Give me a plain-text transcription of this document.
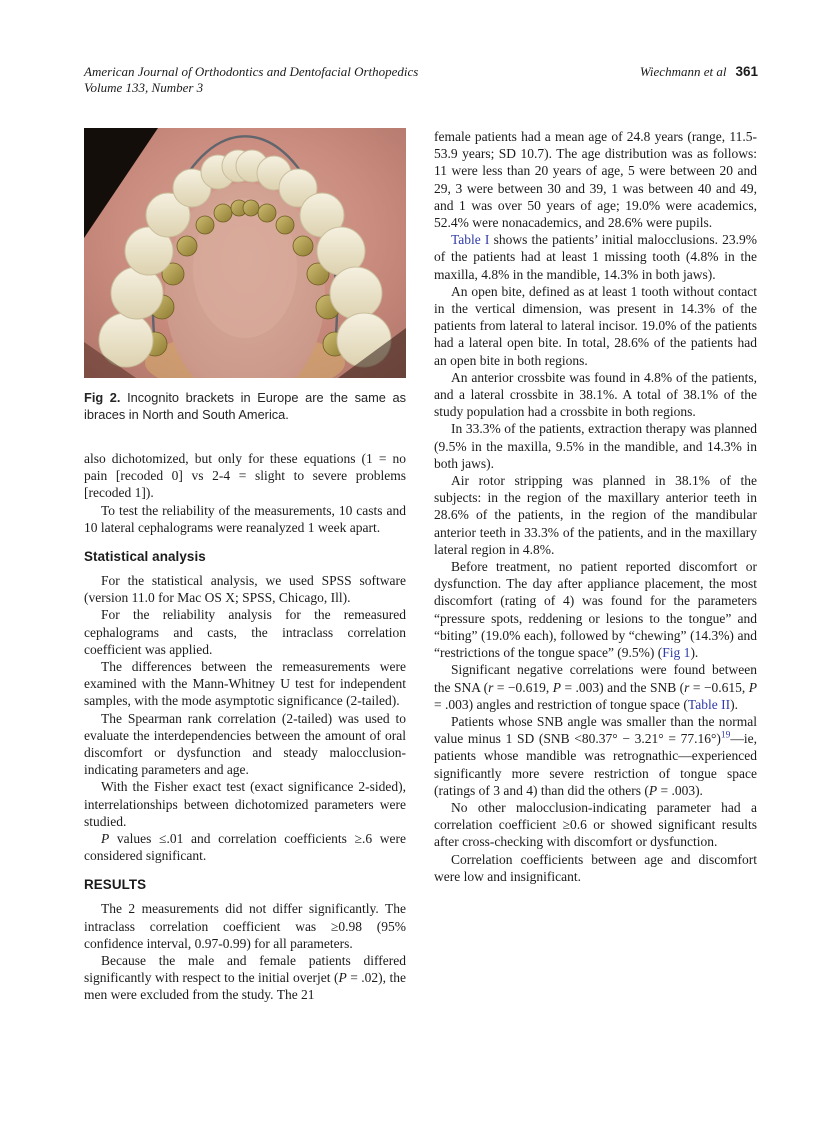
American Journal of Orthodontics and Dentofacial Orthopedics
Volume 133, Number 3
Wiechmann et al 361

Fig 2. Incognito brackets in Europe are the same as ibraces in North and South America.

also dichotomized, but only for these equations (1 = no pain [recoded 0] vs 2-4 = slight to severe problems [recoded 1]).

To test the reliability of the measurements, 10 casts and 10 lateral cephalograms were reanalyzed 1 week apart.

Statistical analysis

For the statistical analysis, we used SPSS software (version 11.0 for Mac OS X; SPSS, Chicago, Ill).

For the reliability analysis for the remeasured cephalograms and casts, the intraclass correlation coefficient was applied.

The differences between the remeasurements were examined with the Mann-Whitney U test for independent samples, with the mode asymptotic significance (2-tailed).

The Spearman rank correlation (2-tailed) was used to evaluate the interdependencies between the amount of oral discomfort or dysfunction and steady malocclusion-indicating parameters and age.

With the Fisher exact test (exact significance 2-sided), interrelationships between dichotomized parameters were studied.

P values ≤.01 and correlation coefficients ≥.6 were considered significant.

RESULTS

The 2 measurements did not differ significantly. The intraclass correlation coefficient was ≥0.98 (95% confidence interval, 0.97-0.99) for all parameters.

Because the male and female patients differed significantly with respect to the initial overjet (P = .02), the men were excluded from the study. The 21

female patients had a mean age of 24.8 years (range, 11.5-53.9 years; SD 10.7). The age distribution was as follows: 11 were less than 20 years of age, 5 were between 20 and 29, 3 were between 30 and 39, 1 was between 40 and 49, and 1 was over 50 years of age; 19.0% were academics, 52.4% were nonacademics, and 28.6% were pupils.

Table I shows the patients’ initial malocclusions. 23.9% of the patients had at least 1 missing tooth (4.8% in the maxilla, 4.8% in the mandible, 14.3% in both jaws).

An open bite, defined as at least 1 tooth without contact in the vertical dimension, was present in 14.3% of the patients from lateral to lateral incisor. 19.0% of the patients had a lateral open bite. In total, 28.6% of the patients had an open bite in both regions.

An anterior crossbite was found in 4.8% of the patients, and a lateral crossbite in 38.1%. A total of 38.1% of the study population had a crossbite in both regions.

In 33.3% of the patients, extraction therapy was planned (9.5% in the maxilla, 9.5% in the mandible, and 14.3% in both jaws).

Air rotor stripping was planned in 38.1% of the subjects: in the region of the maxillary anterior teeth in 28.6% of the patients, in the region of the mandibular anterior teeth in 33.3% of the patients, and in the maxillary lateral region in 4.8%.

Before treatment, no patient reported discomfort or dysfunction. The day after appliance placement, the most discomfort (rating of 4) was found for the parameters “pressure spots, reddening or lesions to the tongue” and “biting” (19.0% each), followed by “chewing” (14.3%) and “restrictions of the tongue space” (9.5%) (Fig 1).

Significant negative correlations were found between the SNA (r = −0.619, P = .003) and the SNB (r = −0.615, P = .003) angles and restriction of tongue space (Table II).

Patients whose SNB angle was smaller than the normal value minus 1 SD (SNB <80.37° − 3.21° = 77.16°)$^{19}$—ie, patients whose mandible was retrognathic—experienced significantly more severe restriction of tongue space (ratings of 3 and 4) than did the others (P = .003).

No other malocclusion-indicating parameter had a correlation coefficient ≥0.6 or showed significant results after cross-checking with discomfort or dysfunction.

Correlation coefficients between age and discomfort were low and insignificant.
